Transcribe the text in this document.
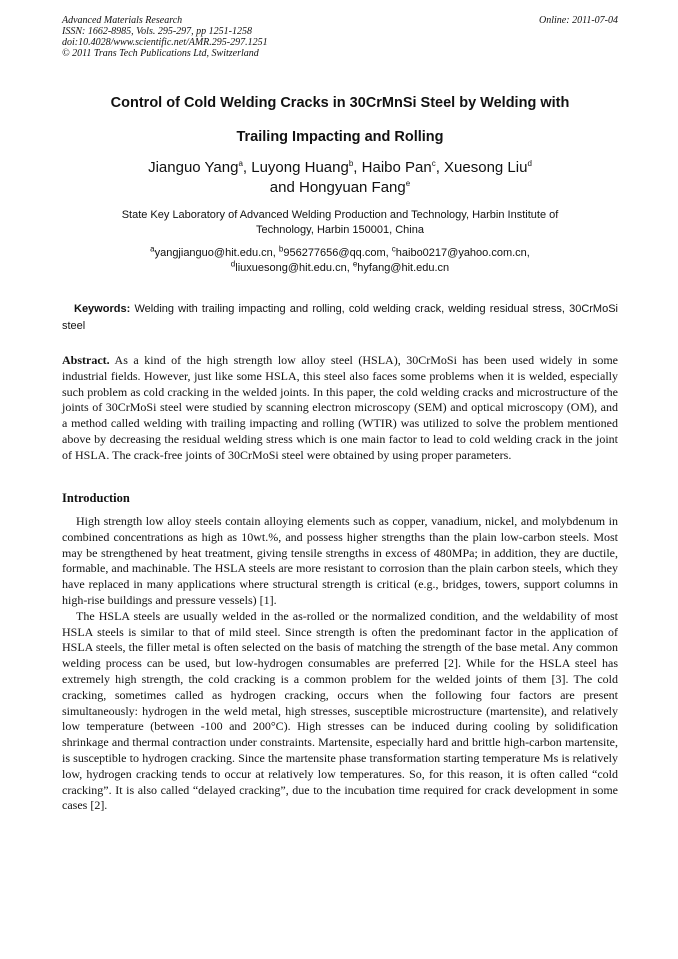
Advanced Materials Research
ISSN: 1662-8985, Vols. 295-297, pp 1251-1258
doi:10.4028/www.scientific.net/AMR.295-297.1251
© 2011 Trans Tech Publications Ltd, Switzerland
Online: 2011-07-04
Control of Cold Welding Cracks in 30CrMnSi Steel by Welding with
Trailing Impacting and Rolling
Jianguo Yang$^a$, Luyong Huang$^b$, Haibo Pan$^c$, Xuesong Liu$^d$
and Hongyuan Fang$^e$
State Key Laboratory of Advanced Welding Production and Technology, Harbin Institute of
Technology, Harbin 150001, China
$^a$yangjianguo@hit.edu.cn, $^b$956277656@qq.com, $^c$haibo0217@yahoo.com.cn,
$^d$liuxuesong@hit.edu.cn, $^e$hyfang@hit.edu.cn
Keywords: Welding with trailing impacting and rolling, cold welding crack, welding residual stress, 30CrMoSi steel
Abstract. As a kind of the high strength low alloy steel (HSLA), 30CrMoSi has been used widely in some industrial fields. However, just like some HSLA, this steel also faces some problems when it is welded, especially such problem as cold cracking in the welded joints. In this paper, the cold welding cracks and microstructure of the joints of 30CrMoSi steel were studied by scanning electron microscopy (SEM) and optical microscopy (OM), and a method called welding with trailing impacting and rolling (WTIR) was utilized to solve the problem mentioned above by decreasing the residual welding stress which is one main factor to lead to cold welding crack in the joint of HSLA. The crack-free joints of 30CrMoSi steel were obtained by using proper parameters.
Introduction

High strength low alloy steels contain alloying elements such as copper, vanadium, nickel, and molybdenum in combined concentrations as high as 10wt.%, and possess higher strengths than the plain low-carbon steels. Most may be strengthened by heat treatment, giving tensile strengths in excess of 480MPa; in addition, they are ductile, formable, and machinable. The HSLA steels are more resistant to corrosion than the plain carbon steels, which they have replaced in many applications where structural strength is critical (e.g., bridges, towers, support columns in high-rise buildings and pressure vessels) [1].

The HSLA steels are usually welded in the as-rolled or the normalized condition, and the weldability of most HSLA steels is similar to that of mild steel. Since strength is often the predominant factor in the application of HSLA steels, the filler metal is often selected on the basis of matching the strength of the base metal. Any common welding process can be used, but low-hydrogen consumables are preferred [2]. While for the HSLA steel has extremely high strength, the cold cracking is a common problem for the welded joints of them [3]. The cold cracking, sometimes called as hydrogen cracking, occurs when the following four factors are present simultaneously: hydrogen in the weld metal, high stresses, susceptible microstructure (martensite), and relatively low temperature (between -100 and 200°C). High stresses can be induced during cooling by solidification shrinkage and thermal contraction under constraints. Martensite, especially hard and brittle high-carbon martensite, is susceptible to hydrogen cracking. Since the martensite phase transformation starting temperature Ms is relatively low, hydrogen cracking tends to occur at relatively low temperatures. So, for this reason, it is often called “cold cracking”. It is also called “delayed cracking”, due to the incubation time required for crack development in some cases [2].
